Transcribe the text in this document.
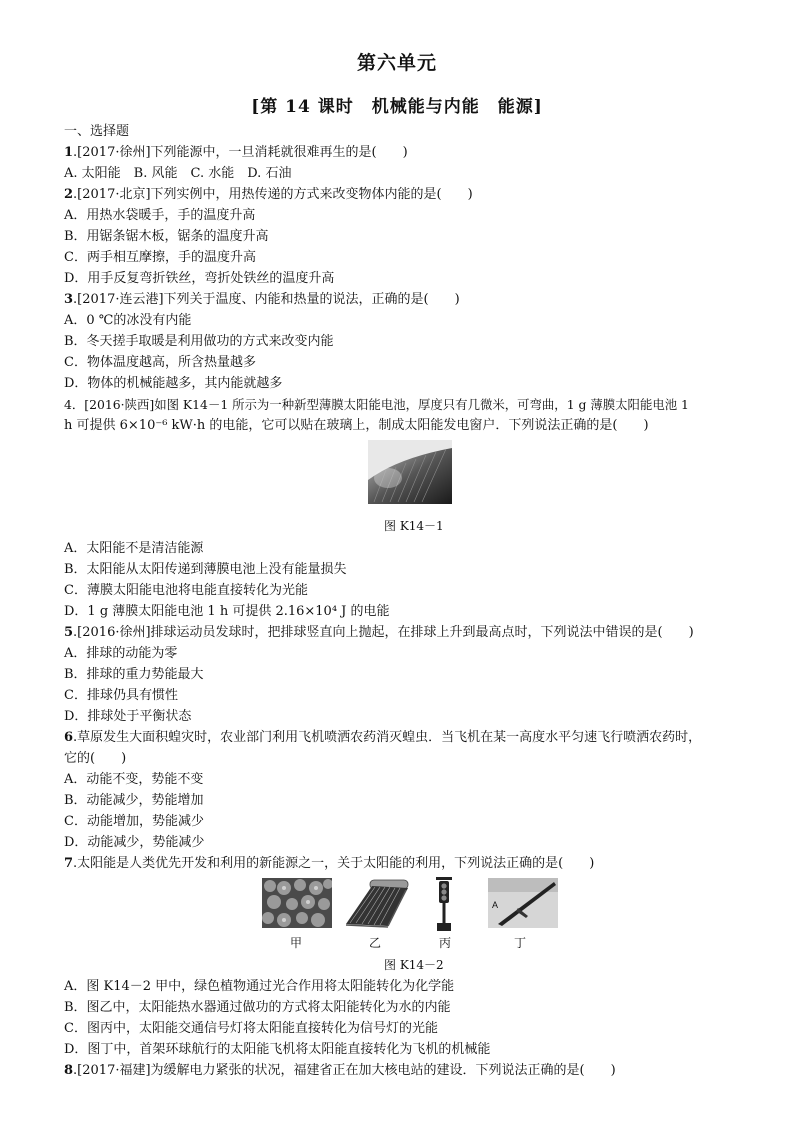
第六单元
[第 14 课时　机械能与内能　能源]
一、选择题
1.[2017·徐州]下列能源中，一旦消耗就很难再生的是(　　)
A. 太阳能　B. 风能　C. 水能　D. 石油
2.[2017·北京]下列实例中，用热传递的方式来改变物体内能的是(　　)
A．用热水袋暖手，手的温度升高
B．用锯条锯木板，锯条的温度升高
C．两手相互摩擦，手的温度升高
D．用手反复弯折铁丝，弯折处铁丝的温度升高
3.[2017·连云港]下列关于温度、内能和热量的说法，正确的是(　　)
A．0 ℃的冰没有内能
B．冬天搓手取暖是利用做功的方式来改变内能
C．物体温度越高，所含热量越多
D．物体的机械能越多，其内能就越多
4．[2016·陕西]如图 K14－1 所示为一种新型薄膜太阳能电池，厚度只有几微米，可弯曲，1 g 薄膜太阳能电池 1
h 可提供 6×10⁻⁶ kW·h 的电能，它可以贴在玻璃上，制成太阳能发电窗户．下列说法正确的是(　　)
图 K14－1
A．太阳能不是清洁能源
B．太阳能从太阳传递到薄膜电池上没有能量损失
C．薄膜太阳能电池将电能直接转化为光能
D．1 g 薄膜太阳能电池 1 h 可提供 2.16×10⁴ J 的电能
5.[2016·徐州]排球运动员发球时，把排球竖直向上抛起，在排球上升到最高点时，下列说法中错误的是(　　)
A．排球的动能为零
B．排球的重力势能最大
C．排球仍具有惯性
D．排球处于平衡状态
6.草原发生大面积蝗灾时，农业部门利用飞机喷洒农药消灭蝗虫．当飞机在某一高度水平匀速飞行喷洒农药时，
它的(　　)
A．动能不变，势能不变
B．动能减少，势能增加
C．动能增加，势能减少
D．动能减少，势能减少
7.太阳能是人类优先开发和利用的新能源之一，关于太阳能的利用，下列说法正确的是(　　)
A
甲	乙	丙	丁
图 K14－2
A．图 K14－2 甲中，绿色植物通过光合作用将太阳能转化为化学能
B．图乙中，太阳能热水器通过做功的方式将太阳能转化为水的内能
C．图丙中，太阳能交通信号灯将太阳能直接转化为信号灯的光能
D．图丁中，首架环球航行的太阳能飞机将太阳能直接转化为飞机的机械能
8.[2017·福建]为缓解电力紧张的状况，福建省正在加大核电站的建设．下列说法正确的是(　　)
